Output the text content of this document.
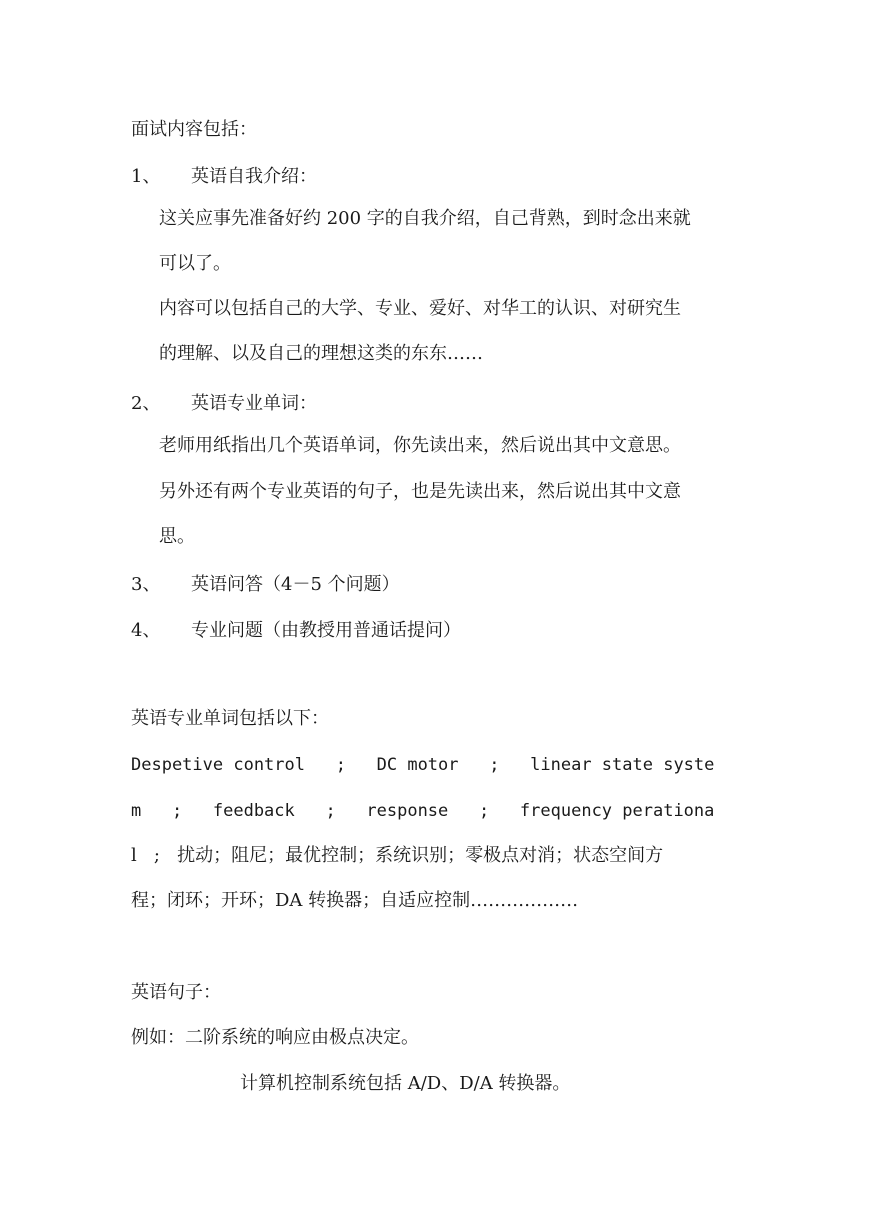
面试内容包括：
1、 英语自我介绍：
这关应事先准备好约 200 字的自我介绍，自己背熟，到时念出来就
可以了。
内容可以包括自己的大学、专业、爱好、对华工的认识、对研究生
的理解、以及自己的理想这类的东东……
2、 英语专业单词：
老师用纸指出几个英语单词，你先读出来，然后说出其中文意思。
另外还有两个专业英语的句子，也是先读出来，然后说出其中文意
思。
3、 英语问答（4－5 个问题）
4、 专业问题（由教授用普通话提问）
英语专业单词包括以下：
Despetive control   ;   DC motor   ;   linear state syste
m   ;   feedback   ;   response   ;   frequency perationa
l   ;   扰动；阻尼；最优控制；系统识别；零极点对消；状态空间方
程；闭环；开环；DA 转换器；自适应控制………………
英语句子：
例如：二阶系统的响应由极点决定。
计算机控制系统包括 A/D、D/A 转换器。
